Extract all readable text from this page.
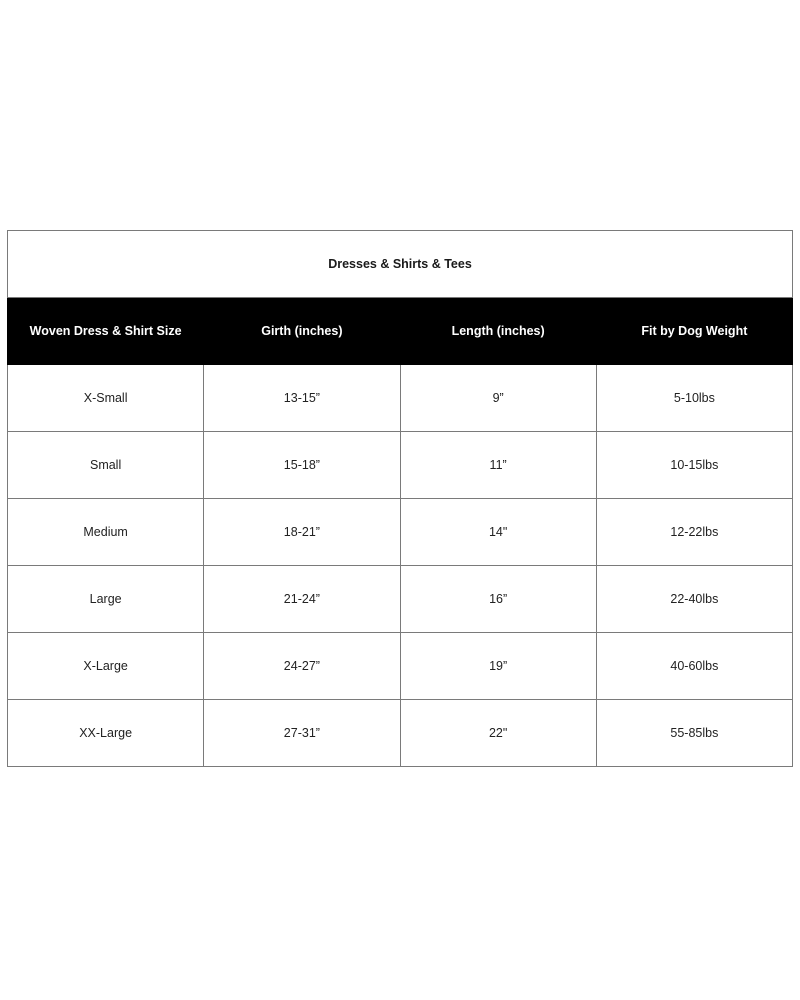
Dresses & Shirts & Tees			
Woven Dress & Shirt Size	Girth (inches)	Length (inches)	Fit by Dog Weight
X-Small	13-15”	9”	5-10lbs
Small	15-18”	11”	10-15lbs
Medium	18-21”	14"	12-22lbs
Large	21-24”	16”	22-40lbs
X-Large	24-27”	19”	40-60lbs
XX-Large	27-31”	22"	55-85lbs
